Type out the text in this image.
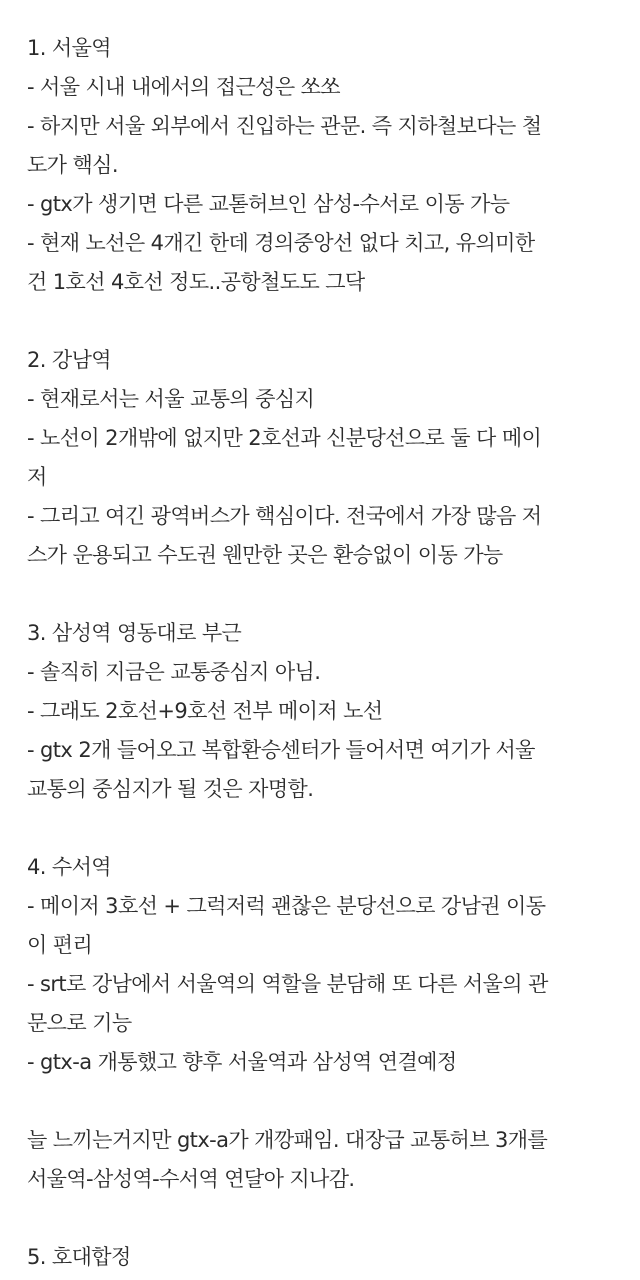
1. 서울역
- 서울 시내 내에서의 접근성은 쏘쏘
- 하지만 서울 외부에서 진입하는 관문. 즉 지하철보다는 철
도가 핵심.
- gtx가 생기면 다른 교톧허브인 삼성-수서로 이동 가능
- 현재 노선은 4개긴 한데 경의중앙선 없다 치고, 유의미한
건 1호선 4호선 정도..공항철도도 그닥
2. 강남역
- 현재로서는 서울 교통의 중심지
- 노선이 2개밖에 없지만 2호선과 신분당선으로 둘 다 메이
저
- 그리고 여긴 광역버스가 핵심이다. 전국에서 가장 많음 저
스가 운용되고 수도권 웬만한 곳은 환승없이 이동 가능
3. 삼성역 영동대로 부근
- 솔직히 지금은 교통중심지 아님.
- 그래도 2호선+9호선 전부 메이저 노선
- gtx 2개 들어오고 복합환승센터가 들어서면 여기가 서울
교통의 중심지가 될 것은 자명함.
4. 수서역
- 메이저 3호선 + 그럭저럭 괜찮은 분당선으로 강남권 이동
이 편리
- srt로 강남에서 서울역의 역할을 분담해 또 다른 서울의 관
문으로 기능
- gtx-a 개통했고 향후 서울역과 삼성역 연결예정
늘 느끼는거지만 gtx-a가 개깡패임. 대장급 교통허브 3개를
서울역-삼성역-수서역 연달아 지나감.
5. 호대합정
